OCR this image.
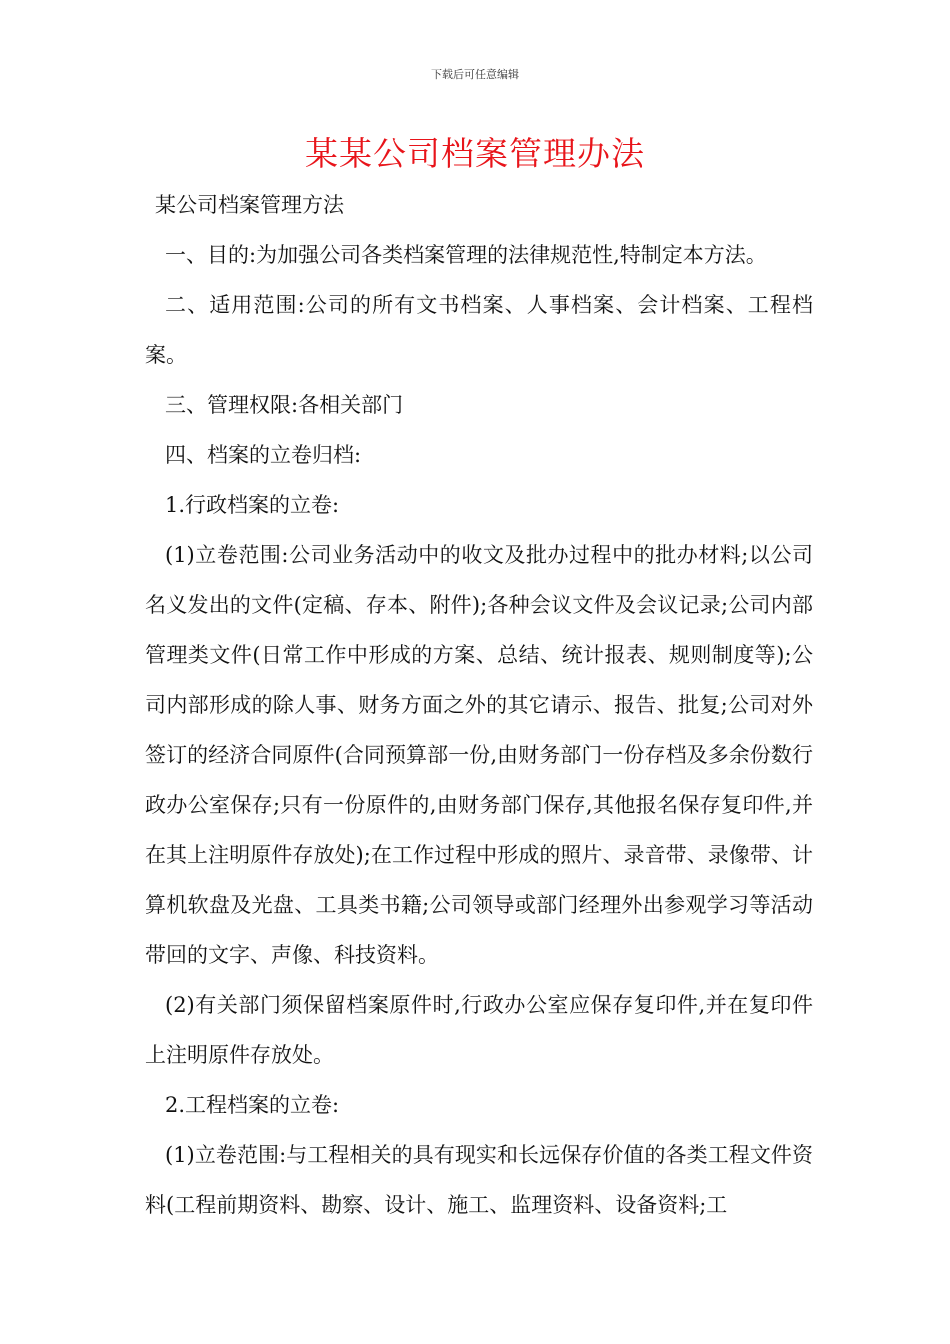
下载后可任意编辑
某某公司档案管理办法

某公司档案管理方法

一、目的:为加强公司各类档案管理的法律规范性,特制定本方法。

二、适用范围:公司的所有文书档案、人事档案、会计档案、工程档案。

三、管理权限:各相关部门

四、档案的立卷归档:

1.行政档案的立卷:

(1)立卷范围:公司业务活动中的收文及批办过程中的批办材料;以公司名义发出的文件(定稿、存本、附件);各种会议文件及会议记录;公司内部管理类文件(日常工作中形成的方案、总结、统计报表、规则制度等);公司内部形成的除人事、财务方面之外的其它请示、报告、批复;公司对外签订的经济合同原件(合同预算部一份,由财务部门一份存档及多余份数行政办公室保存;只有一份原件的,由财务部门保存,其他报名保存复印件,并在其上注明原件存放处);在工作过程中形成的照片、录音带、录像带、计算机软盘及光盘、工具类书籍;公司领导或部门经理外出参观学习等活动带回的文字、声像、科技资料。

(2)有关部门须保留档案原件时,行政办公室应保存复印件,并在复印件上注明原件存放处。

2.工程档案的立卷:

(1)立卷范围:与工程相关的具有现实和长远保存价值的各类工程文件资料(工程前期资料、勘察、设计、施工、监理资料、设备资料;工
